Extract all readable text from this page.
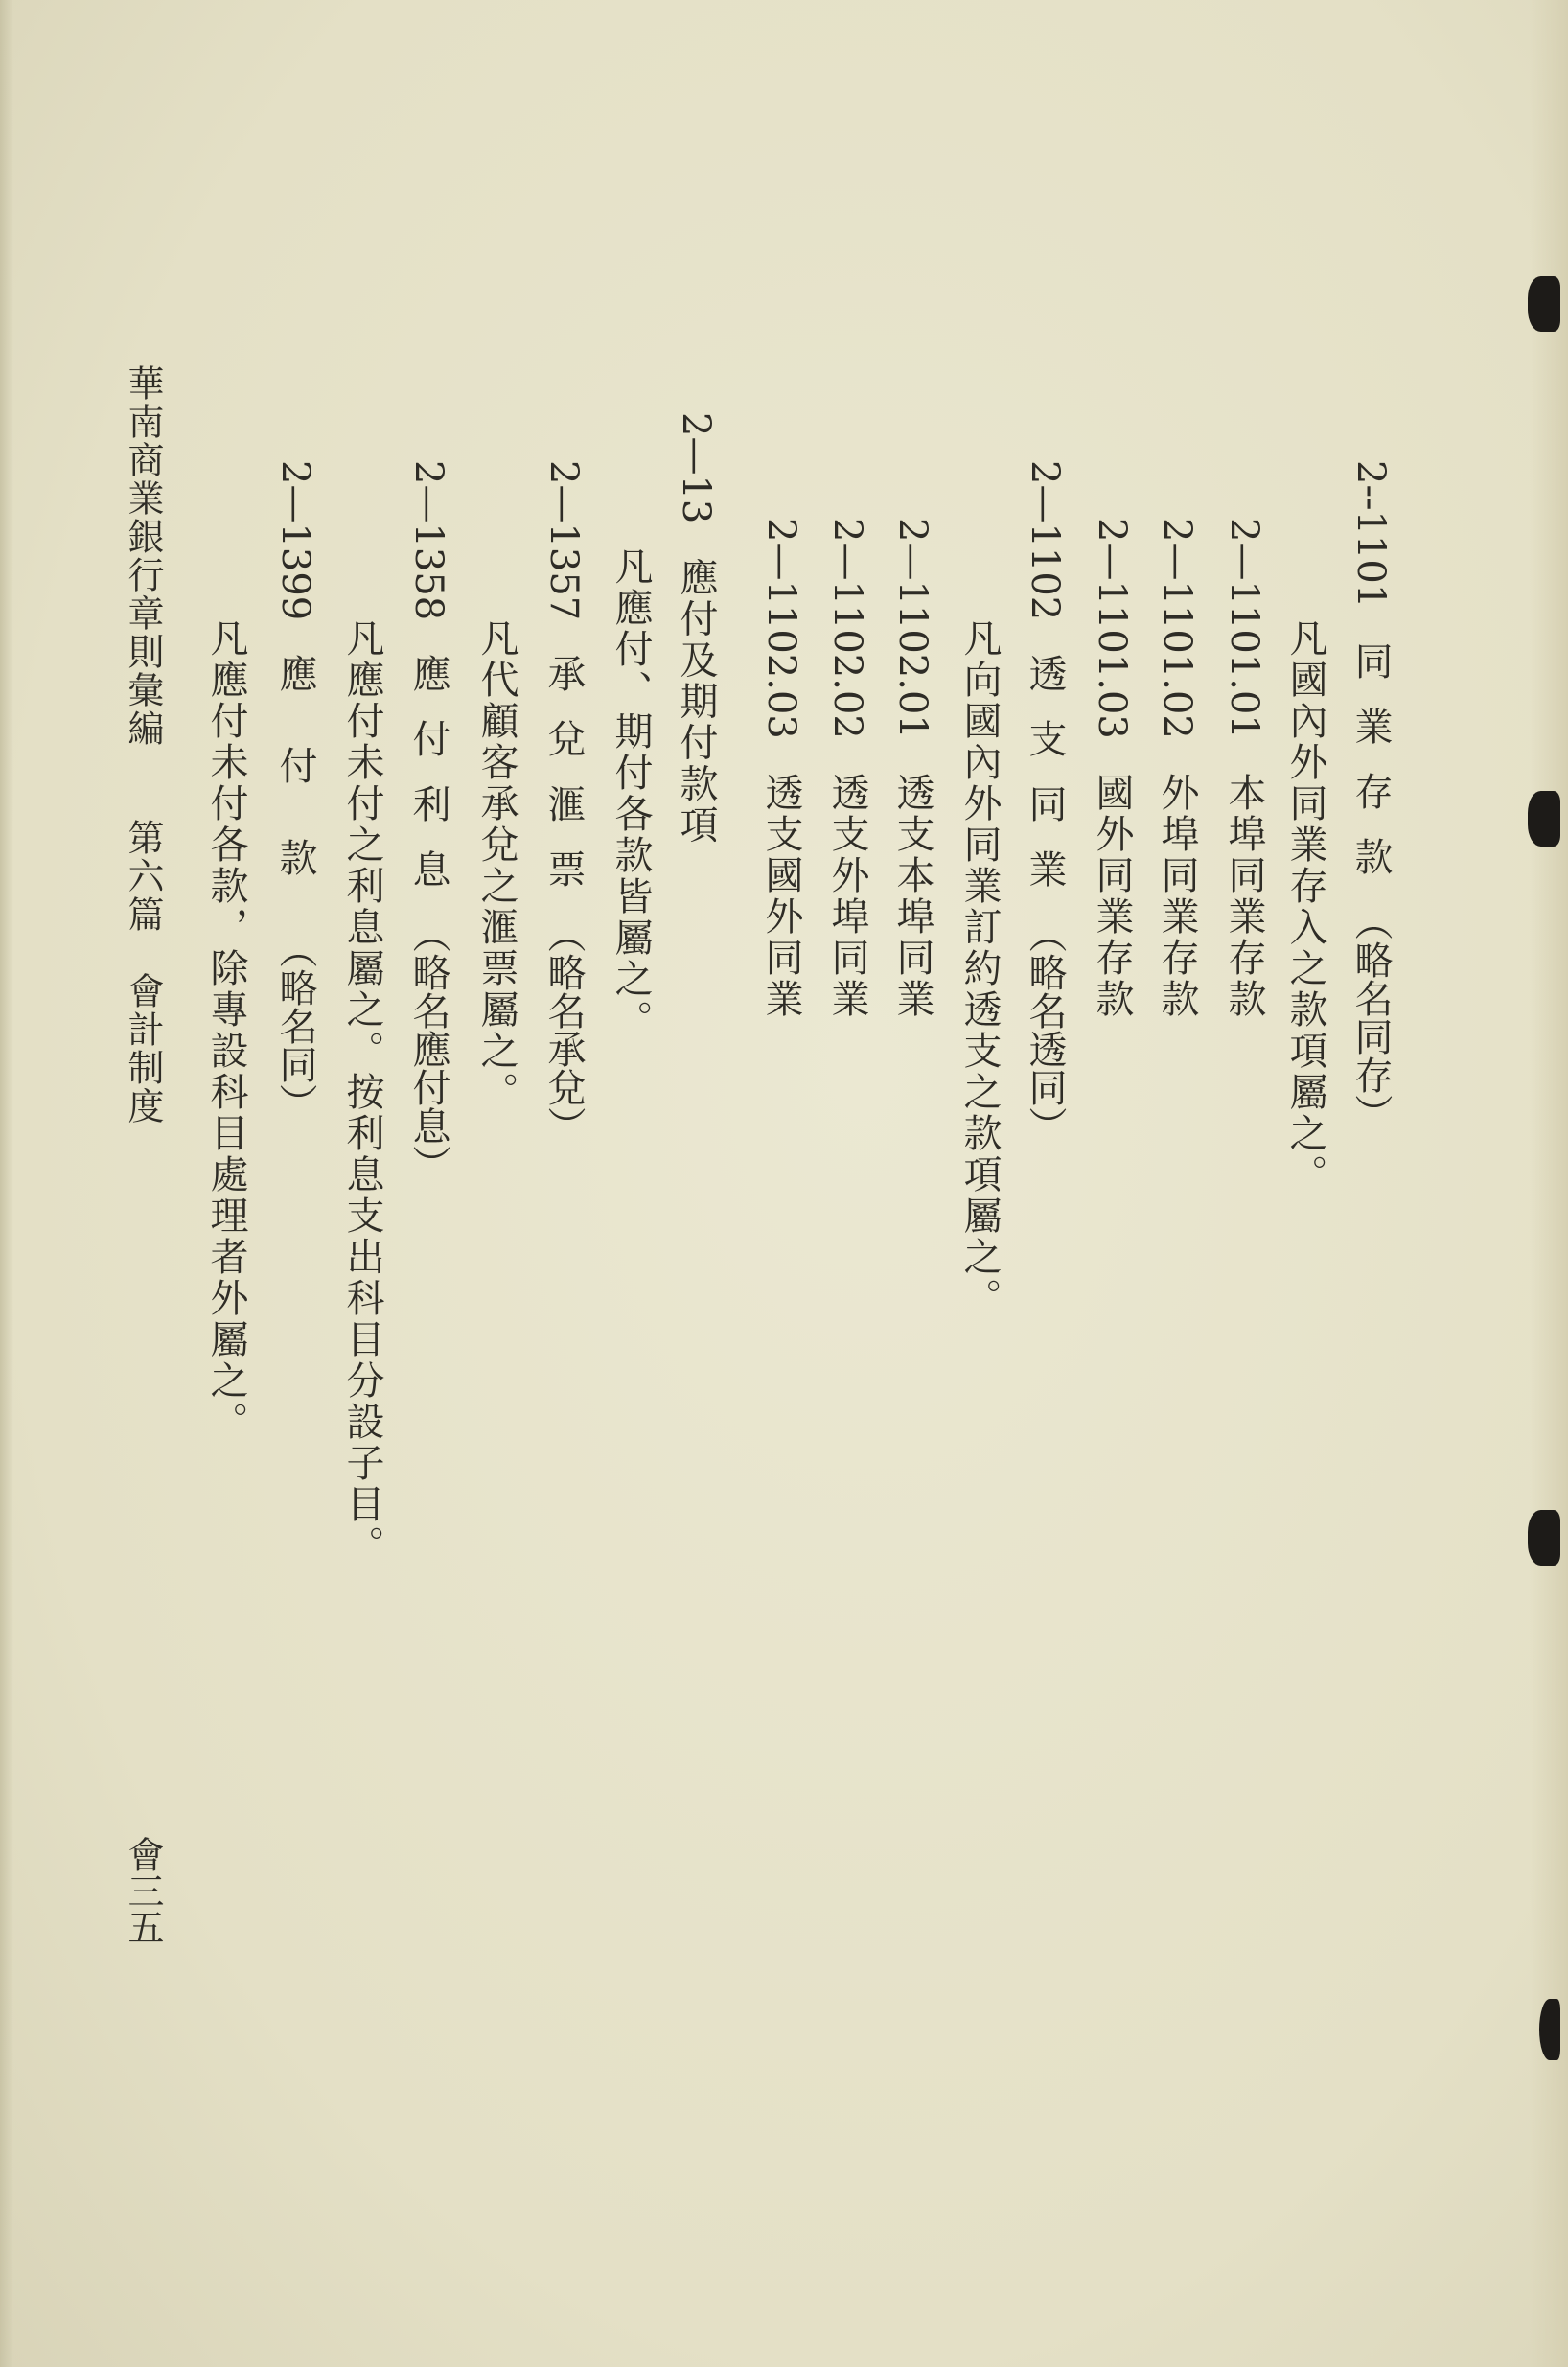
2--1101 同業存款（略名同存）
凡國內外同業存入之款項屬之。
2—1101.01 本埠同業存款
2—1101.02 外埠同業存款
2—1101.03 國外同業存款
2—1102 透支同業（略名透同）
凡向國內外同業訂約透支之款項屬之。
2—1102.01 透支本埠同業
2—1102.02 透支外埠同業
2—1102.03 透支國外同業
2—13 應付及期付款項
凡應付、期付各款皆屬之。
2—1357 承兌滙票（略名承兌）
凡代顧客承兌之滙票屬之。
2—1358 應付利息（略名應付息）
凡應付未付之利息屬之。按利息支出科目分設子目。
2—1399 應付款（略名同）
凡應付未付各款，除專設科目處理者外屬之。
華南商業銀行章則彙編 第六篇　會計制度
會三五
